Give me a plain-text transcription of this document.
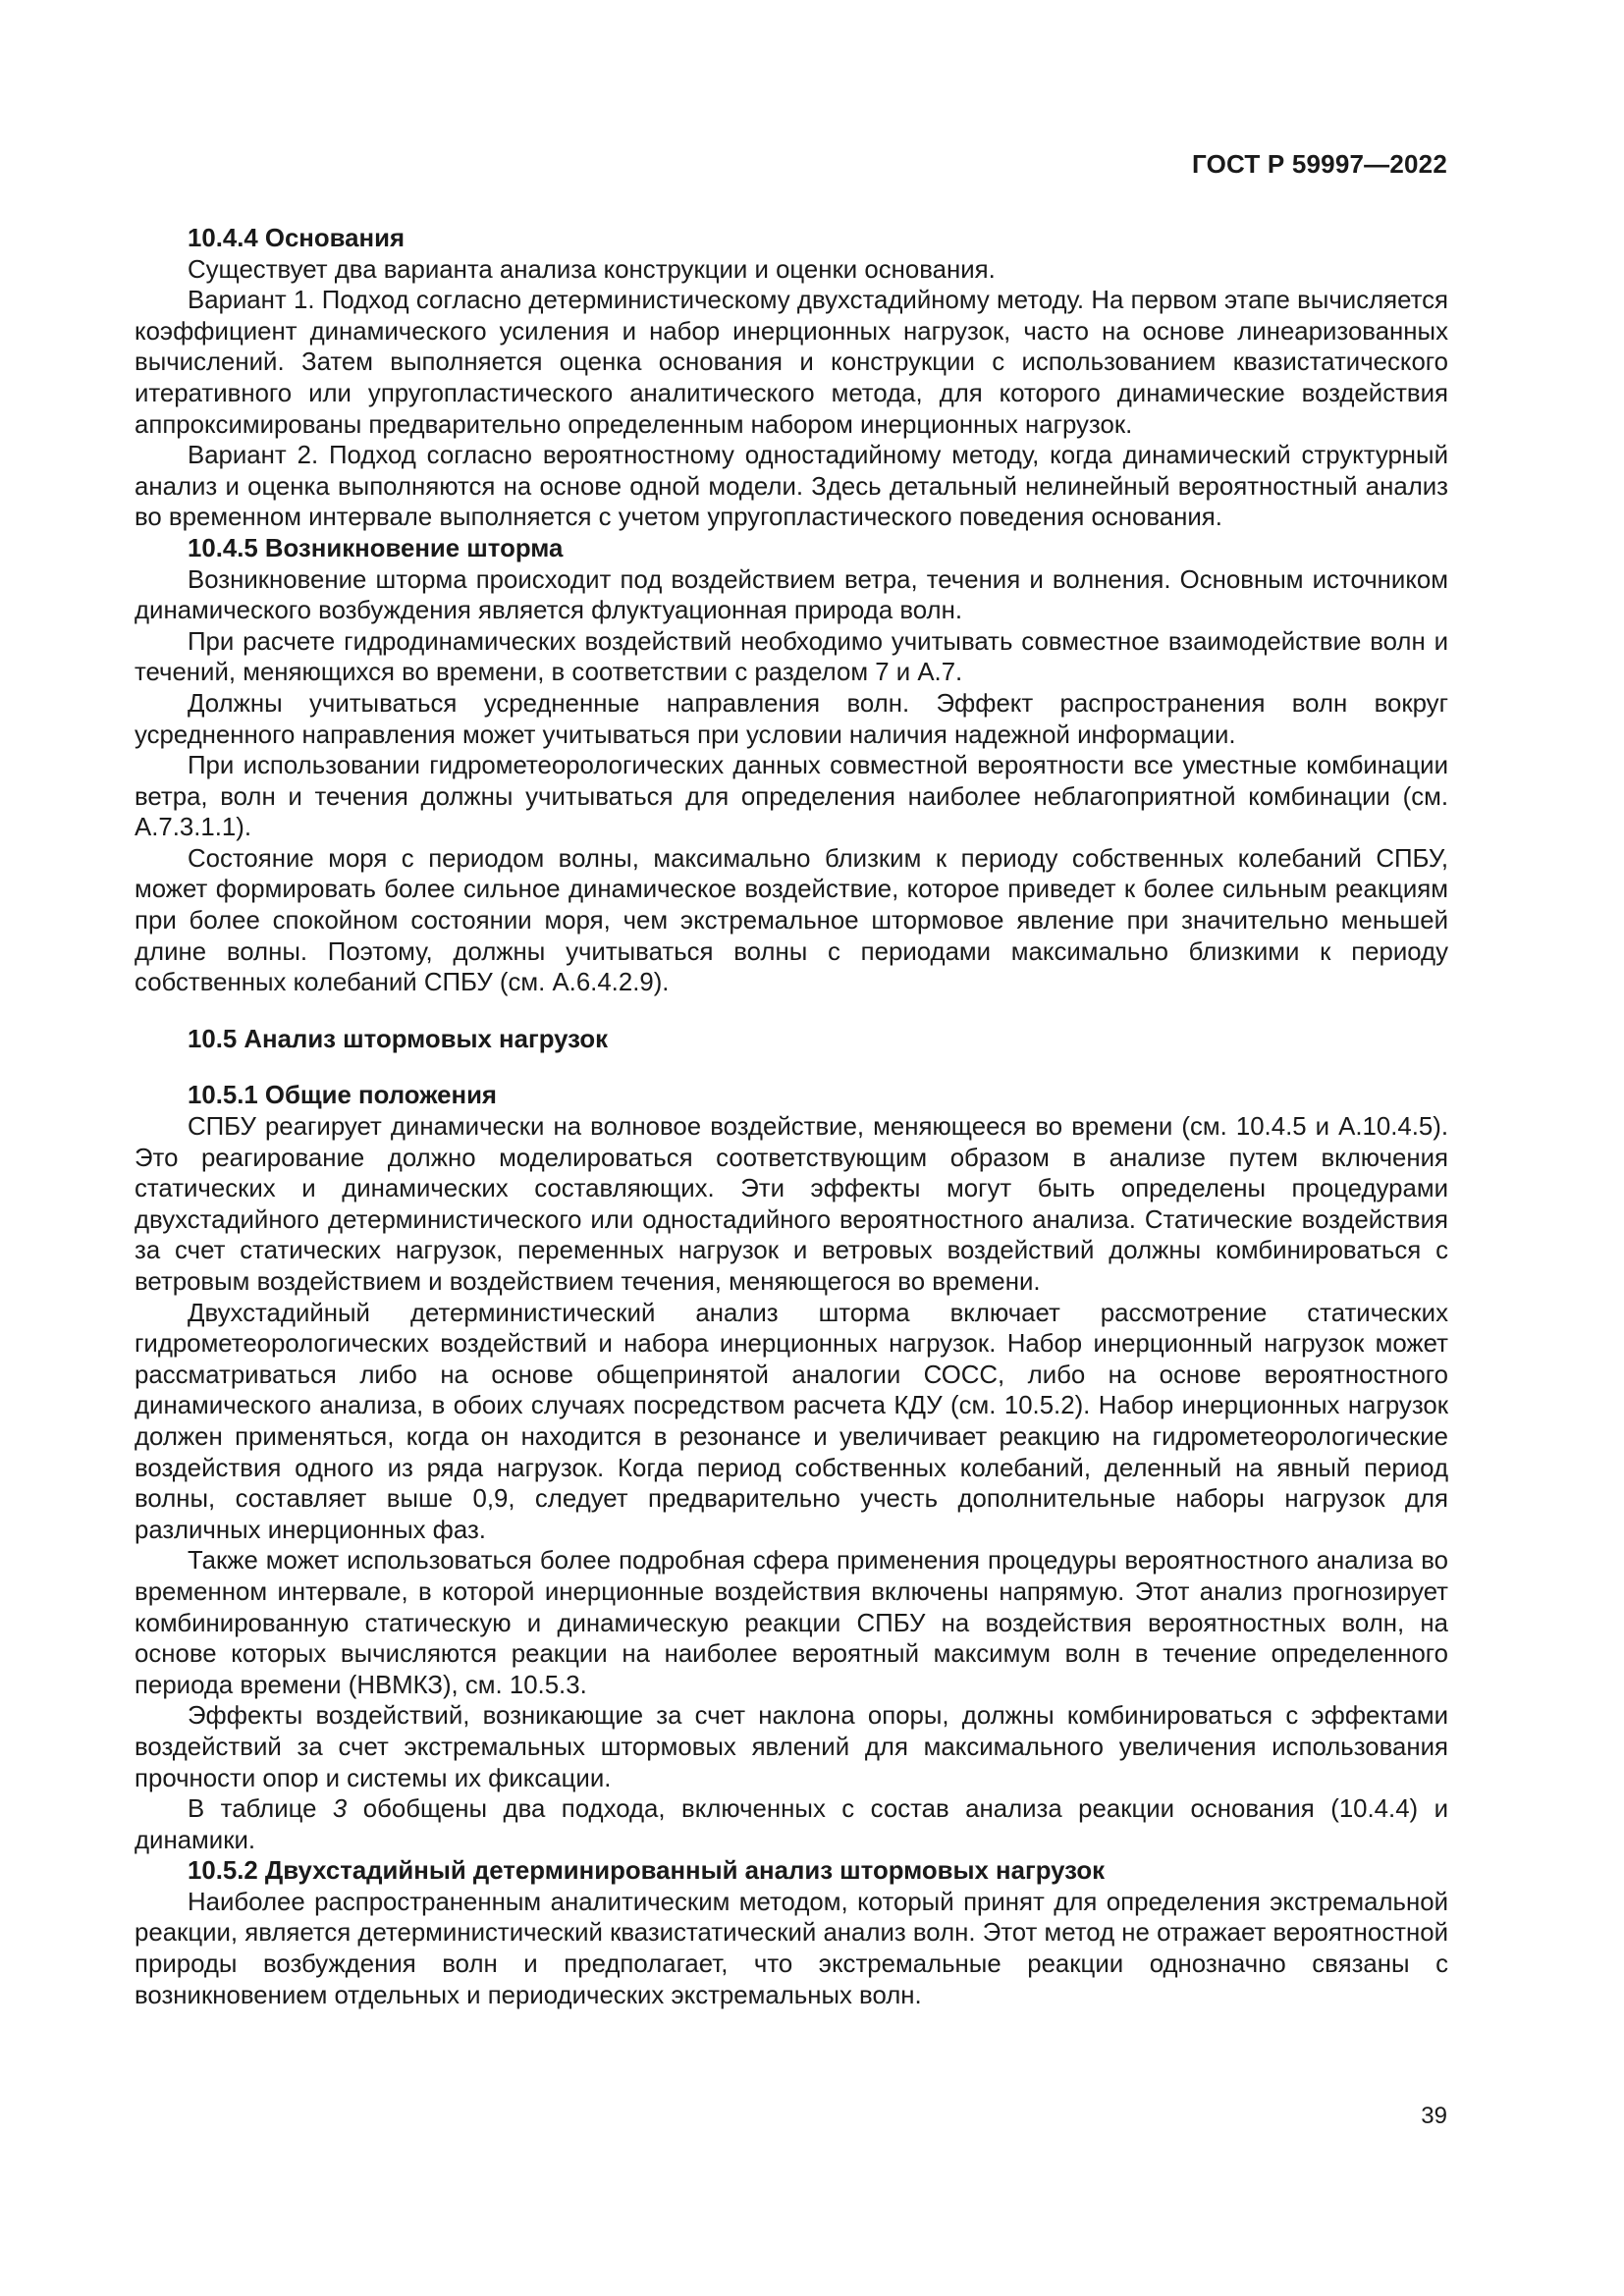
ГОСТ Р 59997—2022
10.4.4 Основания

Существует два варианта анализа конструкции и оценки основания.

Вариант 1. Подход согласно детерминистическому двухстадийному методу. На первом этапе вычисляется коэффициент динамического усиления и набор инерционных нагрузок, часто на основе линеаризованных вычислений. Затем выполняется оценка основания и конструкции с использованием квазистатического итеративного или упругопластического аналитического метода, для которого динамические воздействия аппроксимированы предварительно определенным набором инерционных нагрузок.

Вариант 2. Подход согласно вероятностному одностадийному методу, когда динамический структурный анализ и оценка выполняются на основе одной модели. Здесь детальный нелинейный вероятностный анализ во временном интервале выполняется с учетом упругопластического поведения основания.

10.4.5 Возникновение шторма

Возникновение шторма происходит под воздействием ветра, течения и волнения. Основным источником динамического возбуждения является флуктуационная природа волн.

При расчете гидродинамических воздействий необходимо учитывать совместное взаимодействие волн и течений, меняющихся во времени, в соответствии с разделом 7 и А.7.

Должны учитываться усредненные направления волн. Эффект распространения волн вокруг усредненного направления может учитываться при условии наличия надежной информации.

При использовании гидрометеорологических данных совместной вероятности все уместные комбинации ветра, волн и течения должны учитываться для определения наиболее неблагоприятной комбинации (см. А.7.3.1.1).

Состояние моря с периодом волны, максимально близким к периоду собственных колебаний СПБУ, может формировать более сильное динамическое воздействие, которое приведет к более сильным реакциям при более спокойном состоянии моря, чем экстремальное штормовое явление при значительно меньшей длине волны. Поэтому, должны учитываться волны с периодами максимально близкими к периоду собственных колебаний СПБУ (см. А.6.4.2.9).

10.5 Анализ штормовых нагрузок
10.5.1 Общие положения

СПБУ реагирует динамически на волновое воздействие, меняющееся во времени (см. 10.4.5 и А.10.4.5). Это реагирование должно моделироваться соответствующим образом в анализе путем включения статических и динамических составляющих. Эти эффекты могут быть определены процедурами двухстадийного детерминистического или одностадийного вероятностного анализа. Статические воздействия за счет статических нагрузок, переменных нагрузок и ветровых воздействий должны комбинироваться с ветровым воздействием и воздействием течения, меняющегося во времени.

Двухстадийный детерминистический анализ шторма включает рассмотрение статических гидрометеорологических воздействий и набора инерционных нагрузок. Набор инерционный нагрузок может рассматриваться либо на основе общепринятой аналогии СОСС, либо на основе вероятностного динамического анализа, в обоих случаях посредством расчета КДУ (см. 10.5.2). Набор инерционных нагрузок должен применяться, когда он находится в резонансе и увеличивает реакцию на гидрометеорологические воздействия одного из ряда нагрузок. Когда период собственных колебаний, деленный на явный период волны, составляет выше 0,9, следует предварительно учесть дополнительные наборы нагрузок для различных инерционных фаз.

Также может использоваться более подробная сфера применения процедуры вероятностного анализа во временном интервале, в которой инерционные воздействия включены напрямую. Этот анализ прогнозирует комбинированную статическую и динамическую реакции СПБУ на воздействия вероятностных волн, на основе которых вычисляются реакции на наиболее вероятный максимум волн в течение определенного периода времени (НВМКЗ), см. 10.5.3.

Эффекты воздействий, возникающие за счет наклона опоры, должны комбинироваться с эффектами воздействий за счет экстремальных штормовых явлений для максимального увеличения использования прочности опор и системы их фиксации.

В таблице 3 обобщены два подхода, включенных с состав анализа реакции основания (10.4.4) и динамики.

10.5.2 Двухстадийный детерминированный анализ штормовых нагрузок

Наиболее распространенным аналитическим методом, который принят для определения экстремальной реакции, является детерминистический квазистатический анализ волн. Этот метод не отражает вероятностной природы возбуждения волн и предполагает, что экстремальные реакции однозначно связаны с возникновением отдельных и периодических экстремальных волн.

39
